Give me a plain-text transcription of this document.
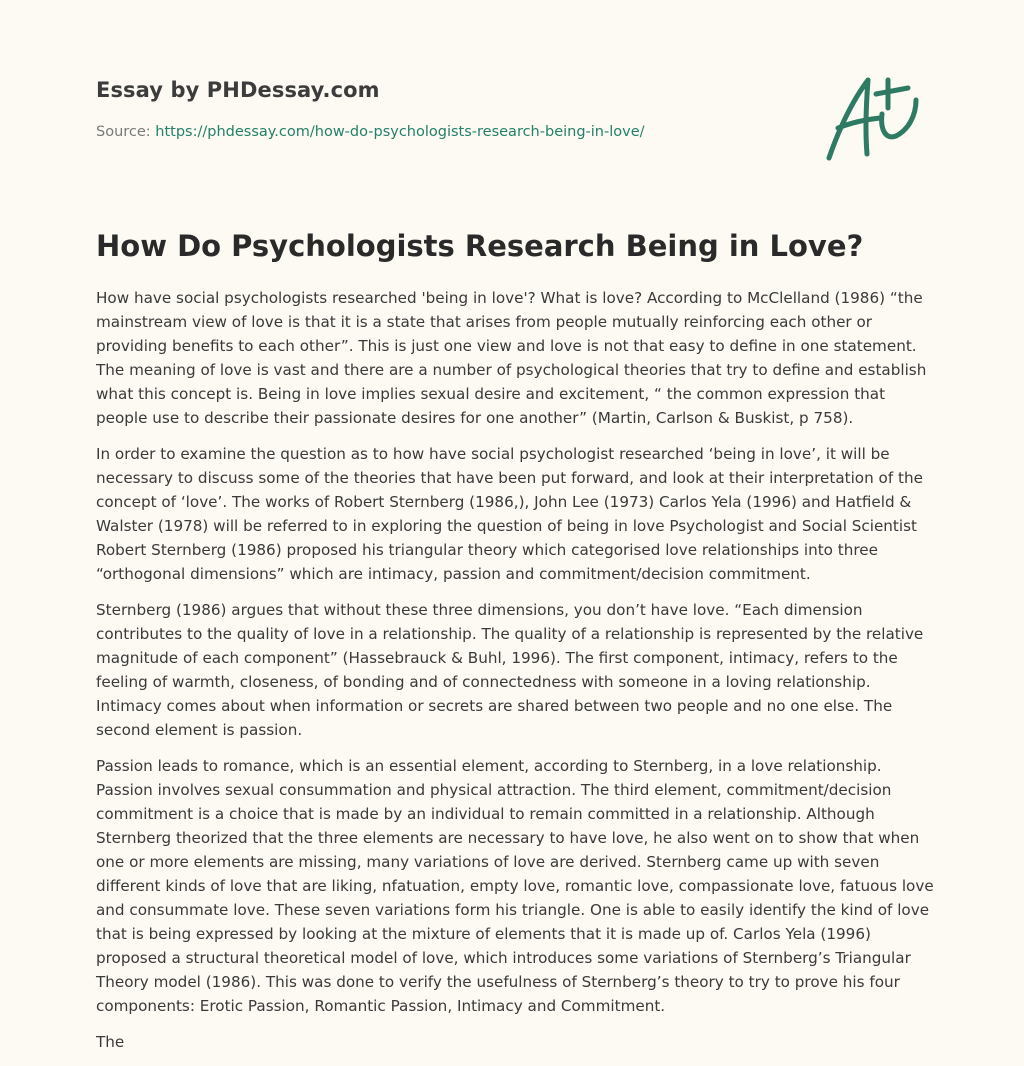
Essay by PHDessay.com
Source: https://phdessay.com/how-do-psychologists-research-being-in-love/
How Do Psychologists Research Being in Love?

How have social psychologists researched 'being in love'? What is love? According to McClelland (1986) “the mainstream view of love is that it is a state that arises from people mutually reinforcing each other or providing benefits to each other”. This is just one view and love is not that easy to define in one statement. The meaning of love is vast and there are a number of psychological theories that try to define and establish what this concept is. Being in love implies sexual desire and excitement, “ the common expression that people use to describe their passionate desires for one another” (Martin, Carlson & Buskist, p 758).

In order to examine the question as to how have social psychologist researched ‘being in love’, it will be necessary to discuss some of the theories that have been put forward, and look at their interpretation of the concept of ‘love’. The works of Robert Sternberg (1986,), John Lee (1973) Carlos Yela (1996) and Hatfield & Walster (1978) will be referred to in exploring the question of being in love Psychologist and Social Scientist Robert Sternberg (1986) proposed his triangular theory which categorised love relationships into three “orthogonal dimensions” which are intimacy, passion and commitment/decision commitment.

Sternberg (1986) argues that without these three dimensions, you don’t have love. “Each dimension contributes to the quality of love in a relationship. The quality of a relationship is represented by the relative magnitude of each component” (Hassebrauck & Buhl, 1996). The first component, intimacy, refers to the feeling of warmth, closeness, of bonding and of connectedness with someone in a loving relationship. Intimacy comes about when information or secrets are shared between two people and no one else. The second element is passion.

Passion leads to romance, which is an essential element, according to Sternberg, in a love relationship. Passion involves sexual consummation and physical attraction. The third element, commitment/decision commitment is a choice that is made by an individual to remain committed in a relationship. Although Sternberg theorized that the three elements are necessary to have love, he also went on to show that when one or more elements are missing, many variations of love are derived. Sternberg came up with seven different kinds of love that are liking, nfatuation, empty love, romantic love, compassionate love, fatuous love and consummate love. These seven variations form his triangle. One is able to easily identify the kind of love that is being expressed by looking at the mixture of elements that it is made up of. Carlos Yela (1996) proposed a structural theoretical model of love, which introduces some variations of Sternberg’s Triangular Theory model (1986). This was done to verify the usefulness of Sternberg’s theory to try to prove his four components: Erotic Passion, Romantic Passion, Intimacy and Commitment.

The
